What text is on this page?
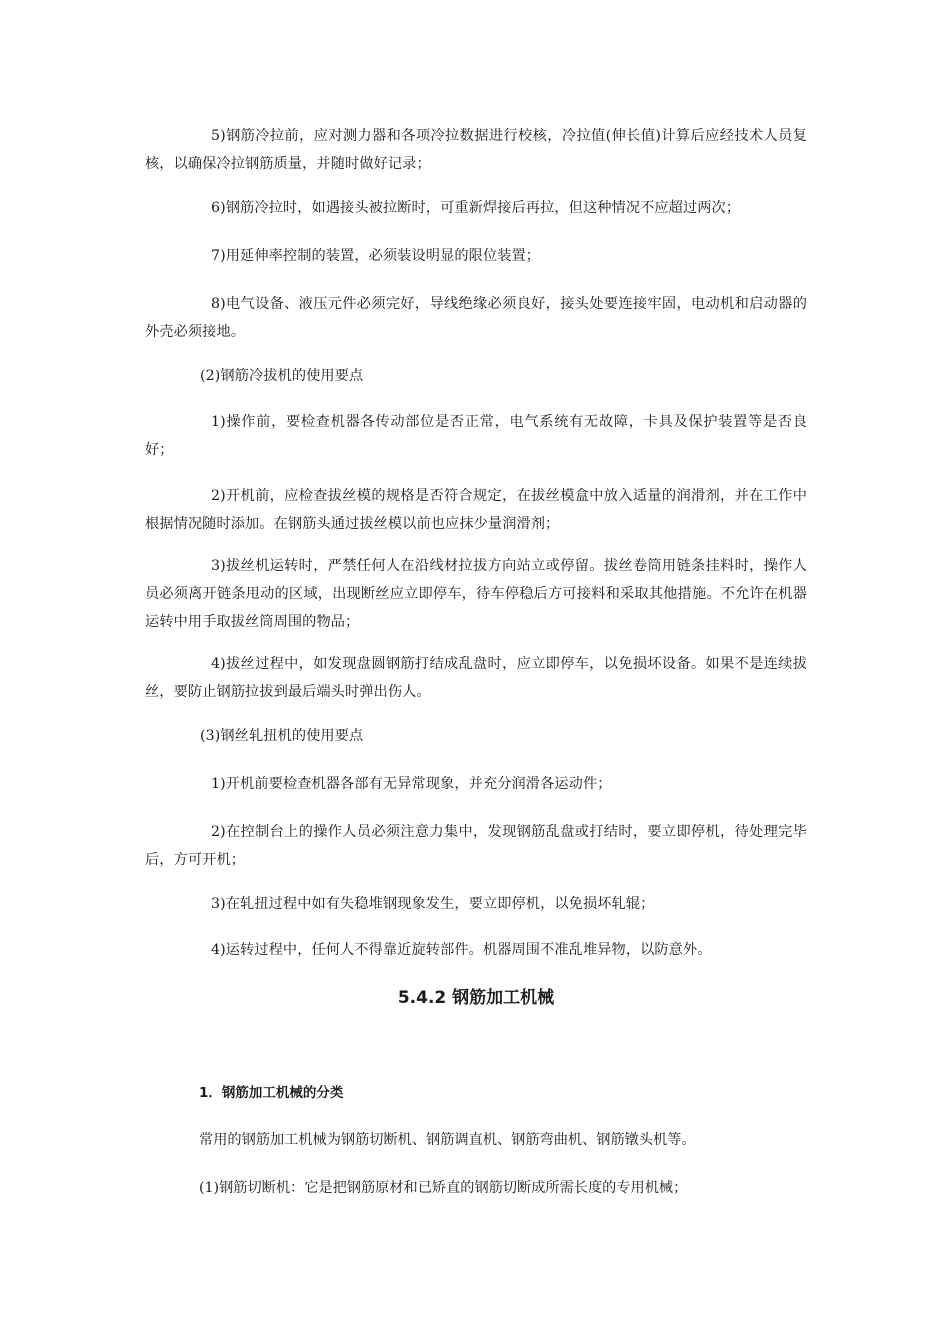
5)钢筋冷拉前，应对测力器和各项冷拉数据进行校核，冷拉值(伸长值)计算后应经技术人员复核，以确保冷拉钢筋质量，并随时做好记录；

6)钢筋冷拉时，如遇接头被拉断时，可重新焊接后再拉，但这种情况不应超过两次；

7)用延伸率控制的装置，必须装设明显的限位装置；

8)电气设备、液压元件必须完好，导线绝缘必须良好，接头处要连接牢固，电动机和启动器的外壳必须接地。

(2)钢筋冷拔机的使用要点

1)操作前，要检查机器各传动部位是否正常，电气系统有无故障，卡具及保护装置等是否良好；

2)开机前，应检查拔丝模的规格是否符合规定，在拔丝模盒中放入适量的润滑剂，并在工作中根据情况随时添加。在钢筋头通过拔丝模以前也应抹少量润滑剂；

3)拔丝机运转时，严禁任何人在沿线材拉拔方向站立或停留。拔丝卷筒用链条挂料时，操作人员必须离开链条甩动的区域，出现断丝应立即停车，待车停稳后方可接料和采取其他措施。不允许在机器运转中用手取拔丝筒周围的物品；

4)拔丝过程中，如发现盘圆钢筋打结成乱盘时，应立即停车，以免损坏设备。如果不是连续拔丝，要防止钢筋拉拔到最后端头时弹出伤人。

(3)钢丝轧扭机的使用要点

1)开机前要检查机器各部有无异常现象，并充分润滑各运动件；

2)在控制台上的操作人员必须注意力集中，发现钢筋乱盘或打结时，要立即停机，待处理完毕后，方可开机；

3)在轧扭过程中如有失稳堆钢现象发生，要立即停机，以免损坏轧辊；

4)运转过程中，任何人不得靠近旋转部件。机器周围不准乱堆异物，以防意外。

5.4.2 钢筋加工机械
1．钢筋加工机械的分类
常用的钢筋加工机械为钢筋切断机、钢筋调直机、钢筋弯曲机、钢筋镦头机等。
(1)钢筋切断机：它是把钢筋原材和已矫直的钢筋切断成所需长度的专用机械；
